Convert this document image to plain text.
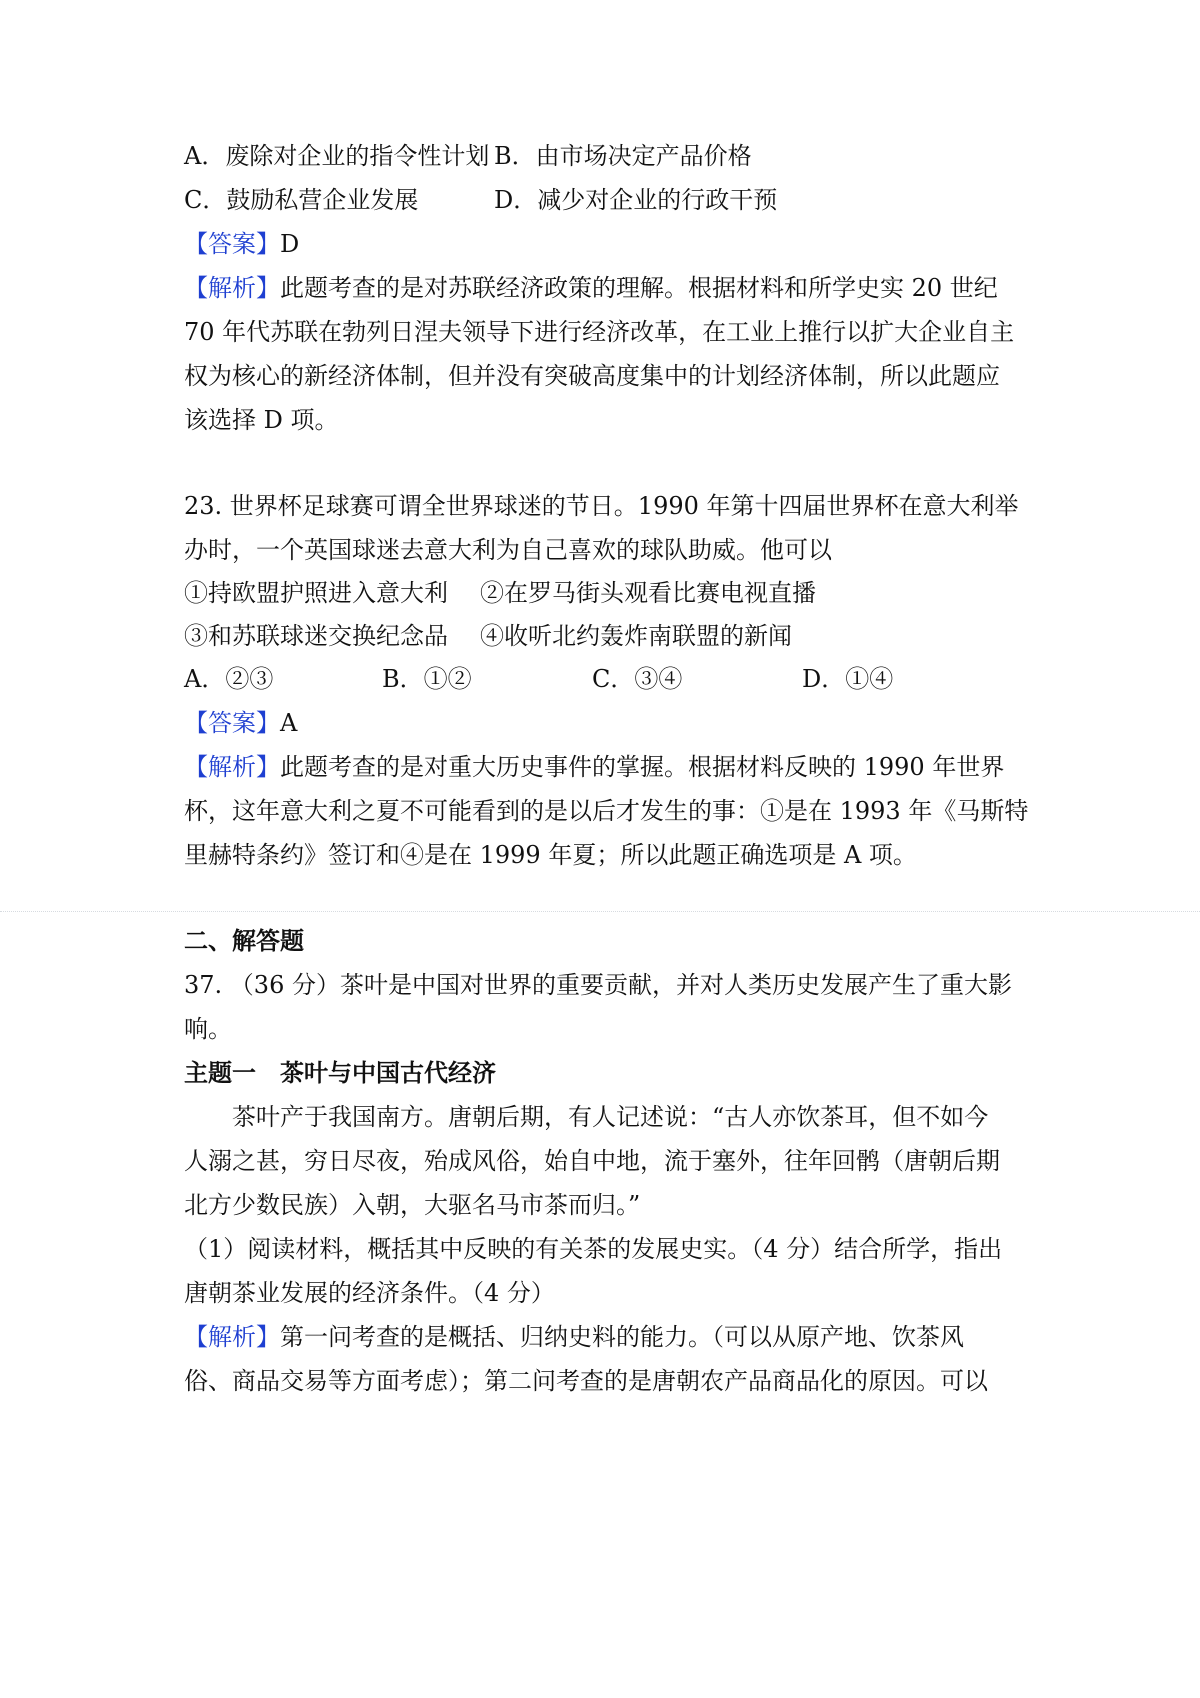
A．废除对企业的指令性计划 B．由市场决定产品价格
C．鼓励私营企业发展	D．减少对企业的行政干预
【答案】D
【解析】此题考查的是对苏联经济政策的理解。根据材料和所学史实 20 世纪
70 年代苏联在勃列日涅夫领导下进行经济改革，在工业上推行以扩大企业自主
权为核心的新经济体制，但并没有突破高度集中的计划经济体制，所以此题应
该选择 D 项。
23. 世界杯足球赛可谓全世界球迷的节日。1990 年第十四届世界杯在意大利举
办时，一个英国球迷去意大利为自己喜欢的球队助威。他可以
①持欧盟护照进入意大利 ②在罗马街头观看比赛电视直播
③和苏联球迷交换纪念品 ④收听北约轰炸南联盟的新闻
A．②③	B．①②	C．③④	D．①④
【答案】A
【解析】此题考查的是对重大历史事件的掌握。根据材料反映的 1990 年世界
杯，这年意大利之夏不可能看到的是以后才发生的事：①是在 1993 年《马斯特
里赫特条约》签订和④是在 1999 年夏；所以此题正确选项是 A 项。
二、解答题
37. （36 分）茶叶是中国对世界的重要贡献，并对人类历史发展产生了重大影
响。
主题一　茶叶与中国古代经济
茶叶产于我国南方。唐朝后期，有人记述说：“古人亦饮茶耳，但不如今
人溺之甚，穷日尽夜，殆成风俗，始自中地，流于塞外，往年回鹘（唐朝后期
北方少数民族）入朝，大驱名马市茶而归。”
（1）阅读材料，概括其中反映的有关茶的发展史实。（4 分）结合所学，指出
唐朝茶业发展的经济条件。（4 分）
【解析】第一问考查的是概括、归纳史料的能力。（可以从原产地、饮茶风
俗、商品交易等方面考虑）；第二问考查的是唐朝农产品商品化的原因。可以
